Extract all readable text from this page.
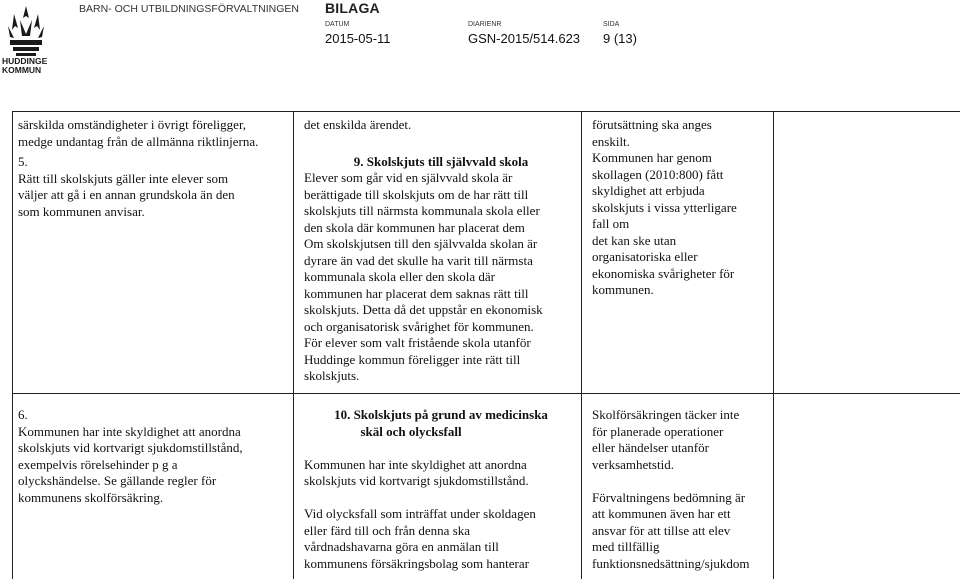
HUDDINGE KOMMUN
BARN- OCH UTBILDNINGSFÖRVALTNINGEN BILAGA
DATUM
2015-05-11
DIARIENR
GSN-2015/514.623
SIDA
9 (13)

särskilda omständigheter i övrigt föreligger,

medge undantag från de allmänna riktlinjerna.

5.

Rätt till skolskjuts gäller inte elever som

väljer att gå i en annan grundskola än den

som kommunen anvisar.

det enskilda ärendet.

9. Skolskjuts till självvald skola

Elever som går vid en självvald skola är

berättigade till skolskjuts om de har rätt till

skolskjuts till närmsta kommunala skola eller

den skola där kommunen har placerat dem

Om skolskjutsen till den självvalda skolan är

dyrare än vad det skulle ha varit till närmsta

kommunala skola eller den skola där

kommunen har placerat dem saknas rätt till

skolskjuts. Detta då det uppstår en ekonomisk

och organisatorisk svårighet för kommunen.

För elever som valt fristående skola utanför

Huddinge kommun föreligger inte rätt till

skolskjuts.

förutsättning ska anges

enskilt.

Kommunen har genom

skollagen (2010:800) fått

skyldighet att erbjuda

skolskjuts i vissa ytterligare

fall om

det kan ske utan

organisatoriska eller

ekonomiska svårigheter för

kommunen.

6.

Kommunen har inte skyldighet att anordna

skolskjuts vid kortvarigt sjukdomstillstånd,

exempelvis rörelsehinder p g a

olyckshändelse. Se gällande regler för

kommunens skolförsäkring.

10. Skolskjuts på grund av medicinska

skäl och olycksfall

Kommunen har inte skyldighet att anordna

skolskjuts vid kortvarigt sjukdomstillstånd.

Vid olycksfall som inträffat under skoldagen

eller färd till och från denna ska

vårdnadshavarna göra en anmälan till

kommunens försäkringsbolag som hanterar

Skolförsäkringen täcker inte

för planerade operationer

eller händelser utanför

verksamhetstid.

Förvaltningens bedömning är

att kommunen även har ett

ansvar för att tillse att elev

med tillfällig

funktionsnedsättning/sjukdom
